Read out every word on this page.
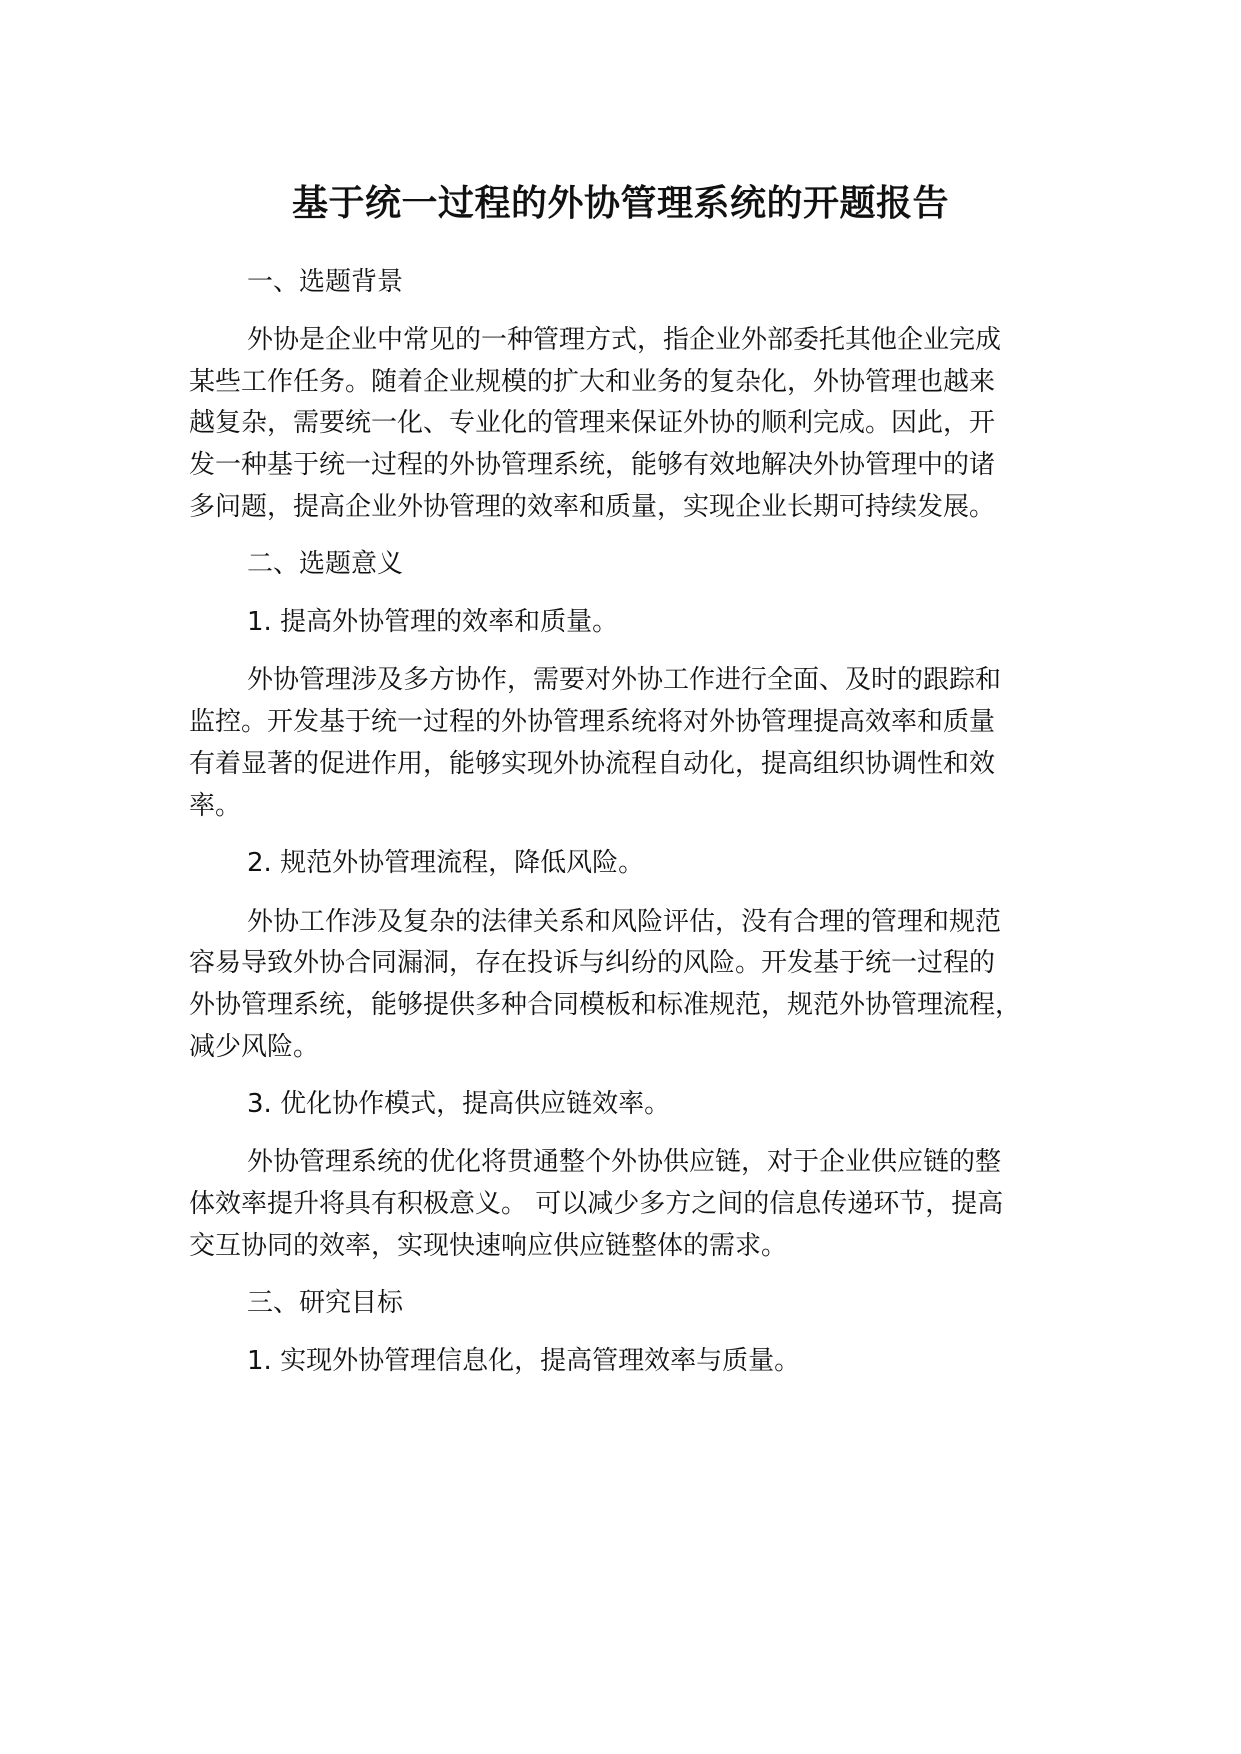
基于统一过程的外协管理系统的开题报告

一、选题背景

外协是企业中常见的一种管理方式，指企业外部委托其他企业完成

某些工作任务。随着企业规模的扩大和业务的复杂化，外协管理也越来

越复杂，需要统一化、专业化的管理来保证外协的顺利完成。因此，开

发一种基于统一过程的外协管理系统，能够有效地解决外协管理中的诸

多问题，提高企业外协管理的效率和质量，实现企业长期可持续发展。

二、选题意义

1. 提高外协管理的效率和质量。

外协管理涉及多方协作，需要对外协工作进行全面、及时的跟踪和

监控。开发基于统一过程的外协管理系统将对外协管理提高效率和质量

有着显著的促进作用，能够实现外协流程自动化，提高组织协调性和效

率。

2. 规范外协管理流程，降低风险。

外协工作涉及复杂的法律关系和风险评估，没有合理的管理和规范

容易导致外协合同漏洞，存在投诉与纠纷的风险。开发基于统一过程的

外协管理系统，能够提供多种合同模板和标准规范，规范外协管理流程，

减少风险。

3. 优化协作模式，提高供应链效率。

外协管理系统的优化将贯通整个外协供应链，对于企业供应链的整

体效率提升将具有积极意义。 可以减少多方之间的信息传递环节，提高

交互协同的效率，实现快速响应供应链整体的需求。

三、研究目标

1. 实现外协管理信息化，提高管理效率与质量。
